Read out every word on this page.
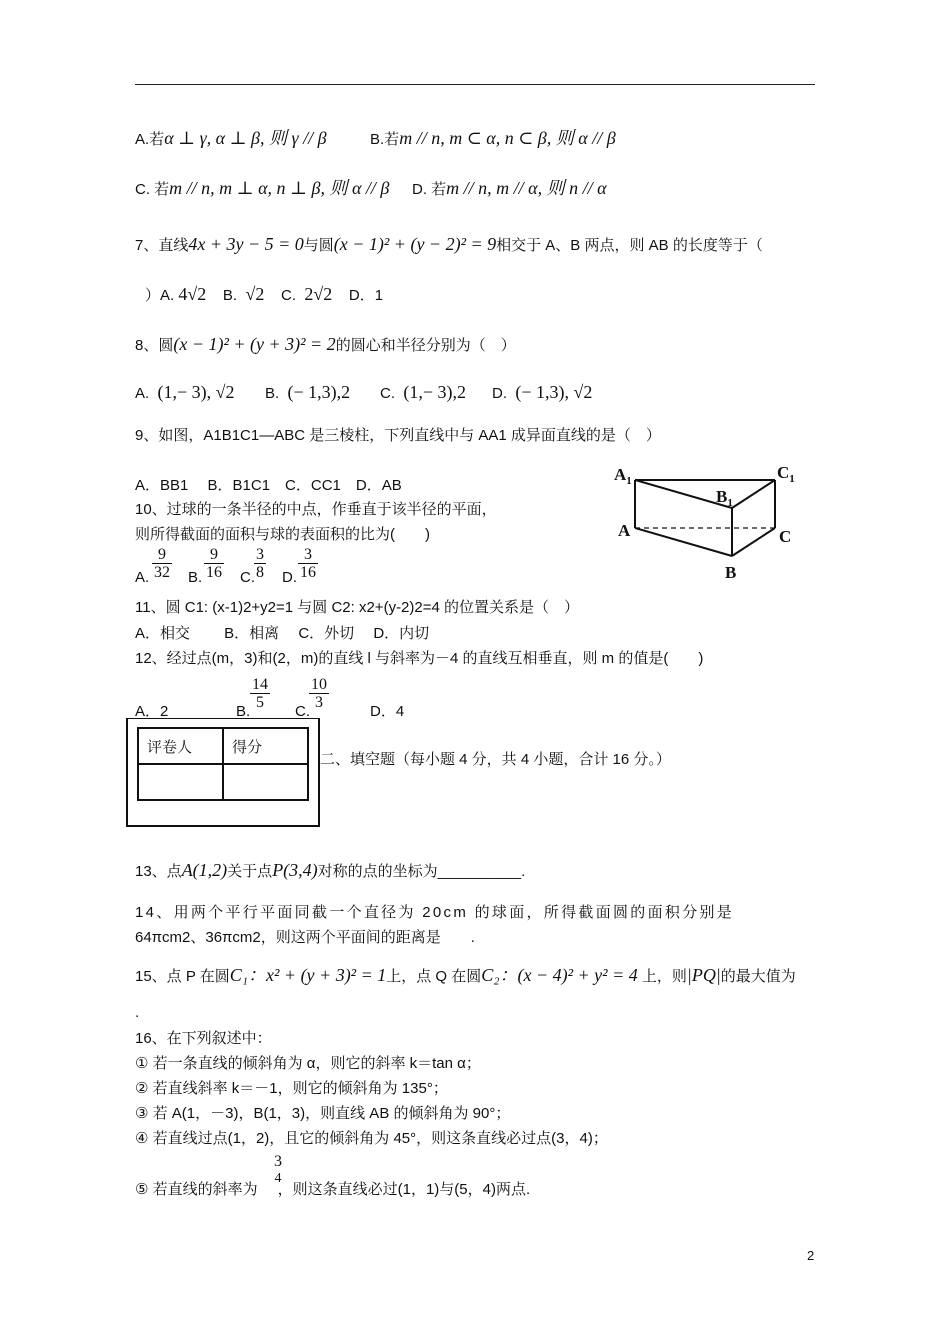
A.若α ⊥ γ, α ⊥ β, 则 γ // β	B.若m // n, m ⊂ α, n ⊂ β, 则 α // β
C. 若m // n, m ⊥ α, n ⊥ β, 则 α // β D. 若m // n, m // α, 则 n // α
7、直线4x + 3y − 5 = 0与圆(x − 1)² + (y − 2)² = 9相交于 A、B 两点，则 AB 的长度等于（
）A. 4√2 B. √2 C. 2√2 D．1
8、圆(x − 1)² + (y + 3)² = 2的圆心和半径分别为（　）
A. (1,− 3), √2 B. (− 1,3),2 C. (1,− 3),2 D. (− 1,3), √2
9、如图，A1B1C1—ABC 是三棱柱，下列直线中与 AA1 成异面直线的是（　）
A．BB1　 B．B1C1　C．CC1　D．AB
$A_1$	$C_1$
$B_1$
A	C
B
10、过球的一条半径的中点，作垂直于该半径的平面，
则所得截面的面积与球的表面积的比为(　　)
A. $\frac{9}{32} B$. $\frac{9}{16} C$. $\frac{3}{8} D$. $\frac{3}{16}$
11、圆 C1: (x-1)2+y2=1 与圆 C2: x2+(y-2)2=4 的位置关系是（　）
A．相交　　 B．相离　 C．外切　 D．内切
12、经过点(m，3)和(2，m)的直线 l 与斜率为－4 的直线互相垂直，则 m 的值是(　　)
A．2	B.
$\frac{14}{5}$
C.
$\frac{10}{3}$
D．4
评卷人	得分

二、填空题（每小题 4 分，共 4 小题，合计 16 分。）
13、点A(1,2)关于点P(3,4)对称的点的坐标为__________.
14、用两个平行平面同截一个直径为 20cm 的球面，所得截面圆的面积分别是
64πcm2、36πcm2，则这两个平面间的距离是　　.
15、点 P 在圆C₁：x² + (y + 3)² = 1上，点 Q 在圆C₂：(x − 4)² + y² = 4 上，则|PQ|的最大值为
.
16、在下列叙述中：
① 若一条直线的倾斜角为 α，则它的斜率 k＝tan α；
② 若直线斜率 k＝－1，则它的倾斜角为 135°；
③ 若 A(1，－3)，B(1，3)，则直线 AB 的倾斜角为 90°；
④ 若直线过点(1，2)，且它的倾斜角为 45°，则这条直线必过点(3，4)；
⑤ 若直线的斜率为 ，则这条直线必过(1，1)与(5，4)两点.
3
4
2
